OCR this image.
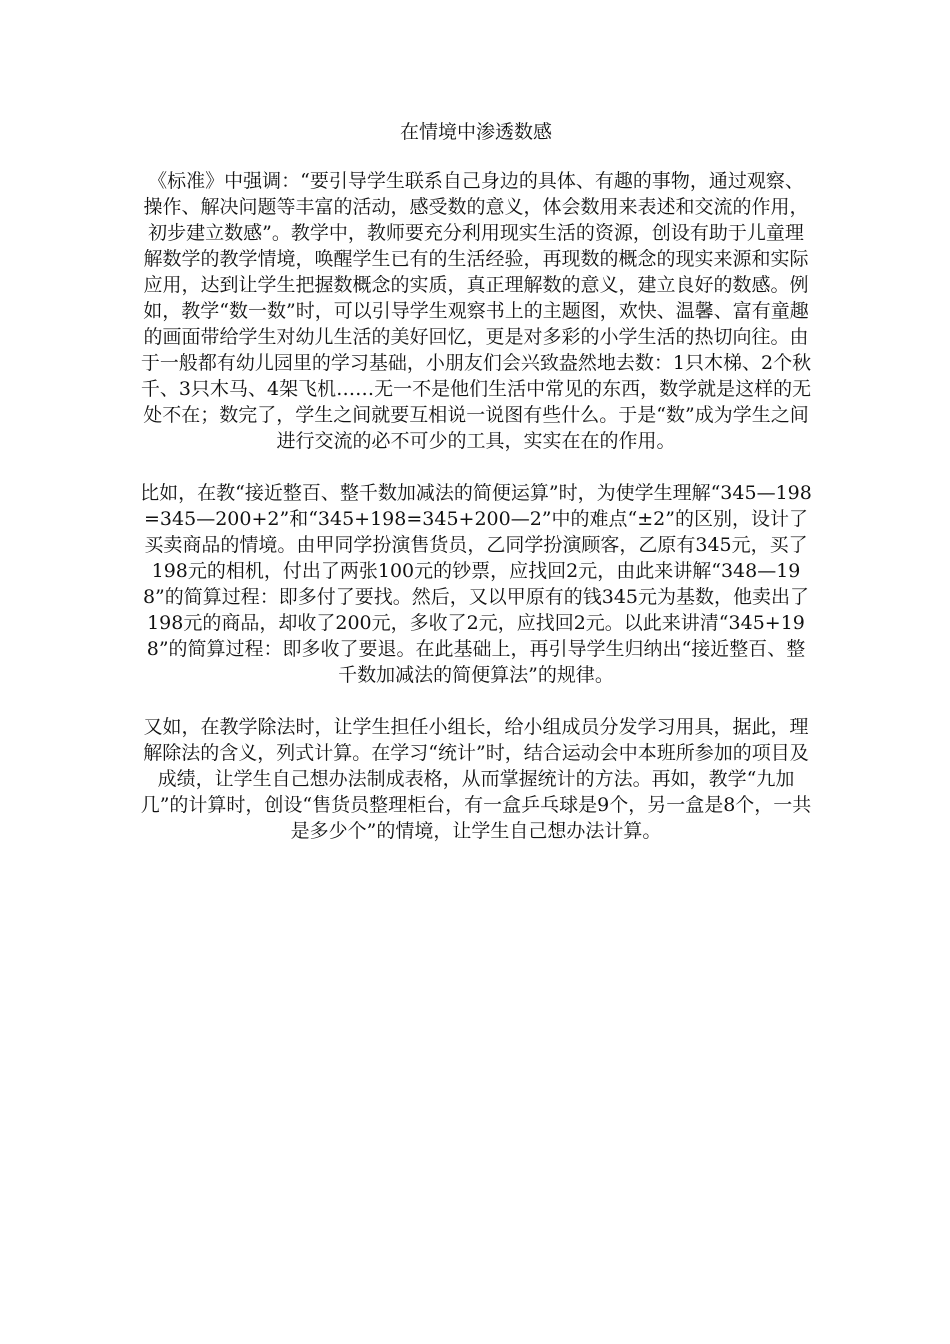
在情境中渗透数感

《标准》中强调：“要引导学生联系自己身边的具体、有趣的事物，通过观察、操作、解决问题等丰富的活动，感受数的意义，体会数用来表述和交流的作用，初步建立数感”。教学中，教师要充分利用现实生活的资源，创设有助于儿童理解数学的教学情境，唤醒学生已有的生活经验，再现数的概念的现实来源和实际应用，达到让学生把握数概念的实质，真正理解数的意义，建立良好的数感。例如，教学“数一数”时，可以引导学生观察书上的主题图，欢快、温馨、富有童趣的画面带给学生对幼儿生活的美好回忆，更是对多彩的小学生活的热切向往。由于一般都有幼儿园里的学习基础，小朋友们会兴致盎然地去数：1只木梯、2个秋千、3只木马、4架飞机……无一不是他们生活中常见的东西，数学就是这样的无处不在；数完了，学生之间就要互相说一说图有些什么。于是“数”成为学生之间进行交流的必不可少的工具，实实在在的作用。

比如，在教“接近整百、整千数加减法的简便运算”时，为使学生理解“345—198=345—200+2”和“345+198=345+200—2”中的难点“±2”的区别，设计了买卖商品的情境。由甲同学扮演售货员，乙同学扮演顾客，乙原有345元，买了198元的相机，付出了两张100元的钞票，应找回2元，由此来讲解“348—198”的简算过程：即多付了要找。然后，又以甲原有的钱345元为基数，他卖出了198元的商品，却收了200元，多收了2元，应找回2元。以此来讲清“345+198”的简算过程：即多收了要退。在此基础上，再引导学生归纳出“接近整百、整千数加减法的简便算法”的规律。

又如，在教学除法时，让学生担任小组长，给小组成员分发学习用具，据此，理解除法的含义，列式计算。在学习“统计”时，结合运动会中本班所参加的项目及成绩，让学生自己想办法制成表格，从而掌握统计的方法。再如，教学“九加几”的计算时，创设“售货员整理柜台，有一盒乒乓球是9个，另一盒是8个，一共是多少个”的情境，让学生自己想办法计算。
